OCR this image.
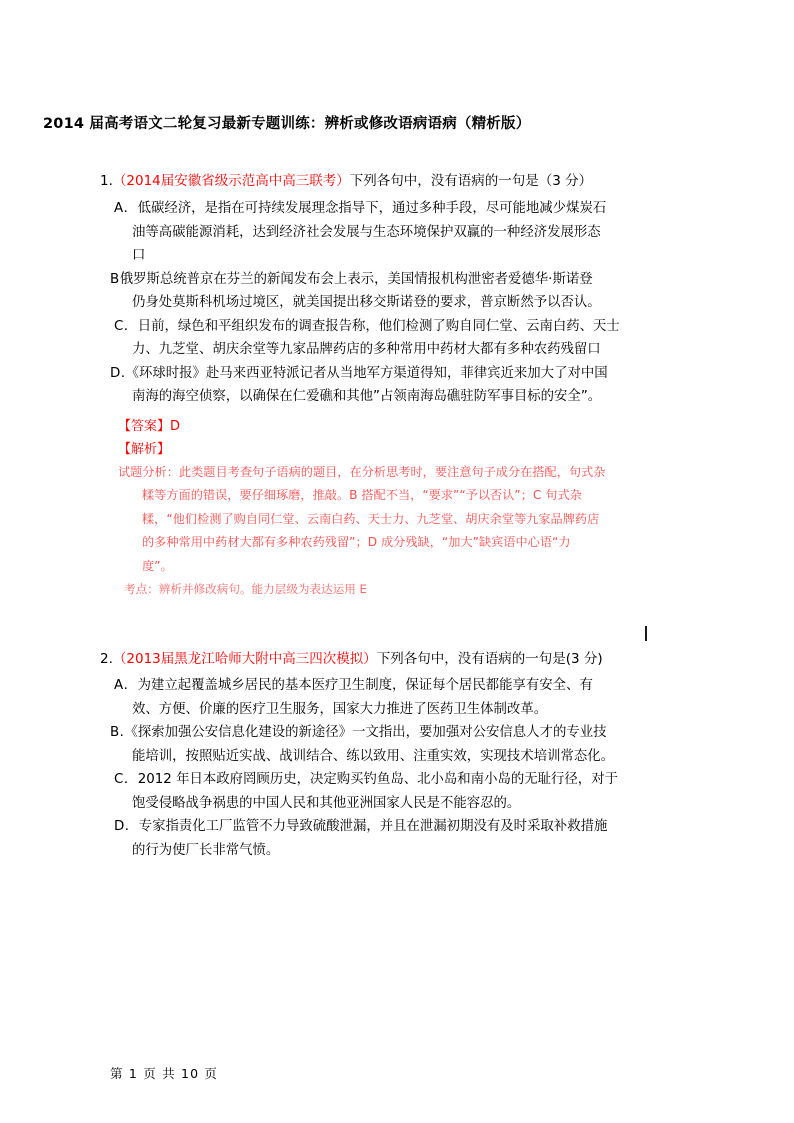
2014 届高考语文二轮复习最新专题训练：辨析或修改语病语病（精析版）

1.（2014届安徽省级示范高中高三联考）下列各句中，没有语病的一句是（3 分）

A．低碳经济，是指在可持续发展理念指导下，通过多种手段，尽可能地减少煤炭石

油等高碳能源消耗，达到经济社会发展与生态环境保护双赢的一种经济发展形态

口

B俄罗斯总统普京在芬兰的新闻发布会上表示，美国情报机构泄密者爱德华·斯诺登

仍身处莫斯科机场过境区，就美国提出移交斯诺登的要求，普京断然予以否认。

C．日前，绿色和平组织发布的调查报告称，他们检测了购自同仁堂、云南白药、天士

力、九芝堂、胡庆余堂等九家品牌药店的多种常用中药材大都有多种农药残留口

D.《环球时报》赴马来西亚特派记者从当地军方渠道得知，菲律宾近来加大了对中国

南海的海空侦察，以确保在仁爱礁和其他”占领南海岛礁驻防军事目标的安全”。

【答案】D

【解析】

试题分析：此类题目考查句子语病的题目，在分析思考时，要注意句子成分在搭配，句式杂
糅等方面的错误，要仔细琢磨，推敲。B 搭配不当，“要求”“予以否认”；C 句式杂
糅，“他们检测了购自同仁堂、云南白药、天士力、九芝堂、胡庆余堂等九家品牌药店
的多种常用中药材大都有多种农药残留”；D 成分残缺，“加大”缺宾语中心语“力
度”。

考点：辨析并修改病句。能力层级为表达运用 E

2.（2013届黑龙江哈师大附中高三四次模拟）下列各句中，没有语病的一句是(3 分)

A．为建立起覆盖城乡居民的基本医疗卫生制度，保证每个居民都能享有安全、有

效、方便、价廉的医疗卫生服务，国家大力推进了医药卫生体制改革。

B.《探索加强公安信息化建设的新途径》一文指出，要加强对公安信息人才的专业技

能培训，按照贴近实战、战训结合、练以致用、注重实效，实现技术培训常态化。

C．2012 年日本政府罔顾历史，决定购买钓鱼岛、北小岛和南小岛的无耻行径，对于

饱受侵略战争祸患的中国人民和其他亚洲国家人民是不能容忍的。

D．专家指责化工厂监管不力导致硫酸泄漏，并且在泄漏初期没有及时采取补救措施

的行为使厂长非常气愤。

第 1 页 共 10 页
